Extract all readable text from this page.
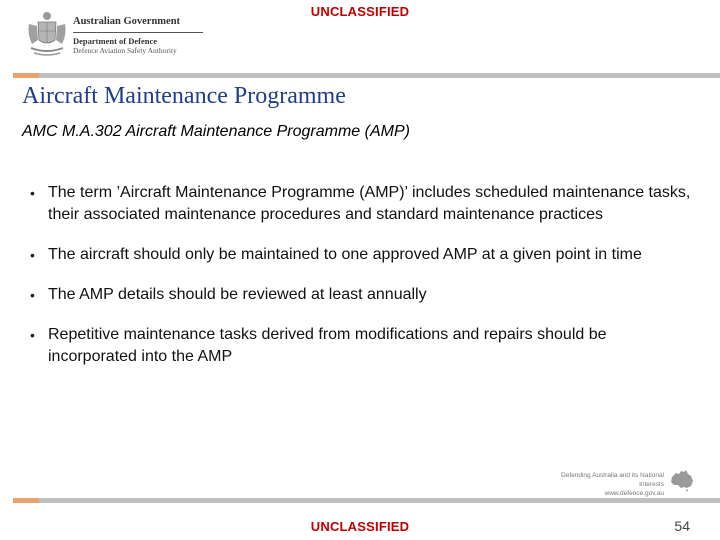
UNCLASSIFIED
Australian Government
Department of Defence
Defence Aviation Safety Authority
Aircraft Maintenance Programme
AMC M.A.302 Aircraft Maintenance Programme (AMP)
• The term ’Aircraft Maintenance Programme (AMP)’ includes scheduled maintenance tasks, their associated maintenance procedures and standard maintenance practices
• The aircraft should only be maintained to one approved AMP at a given point in time
• The AMP details should be reviewed at least annually
• Repetitive maintenance tasks derived from modifications and repairs should be incorporated into the AMP
Defending Australia and its National Interests
www.defence.gov.au
UNCLASSIFIED	54
